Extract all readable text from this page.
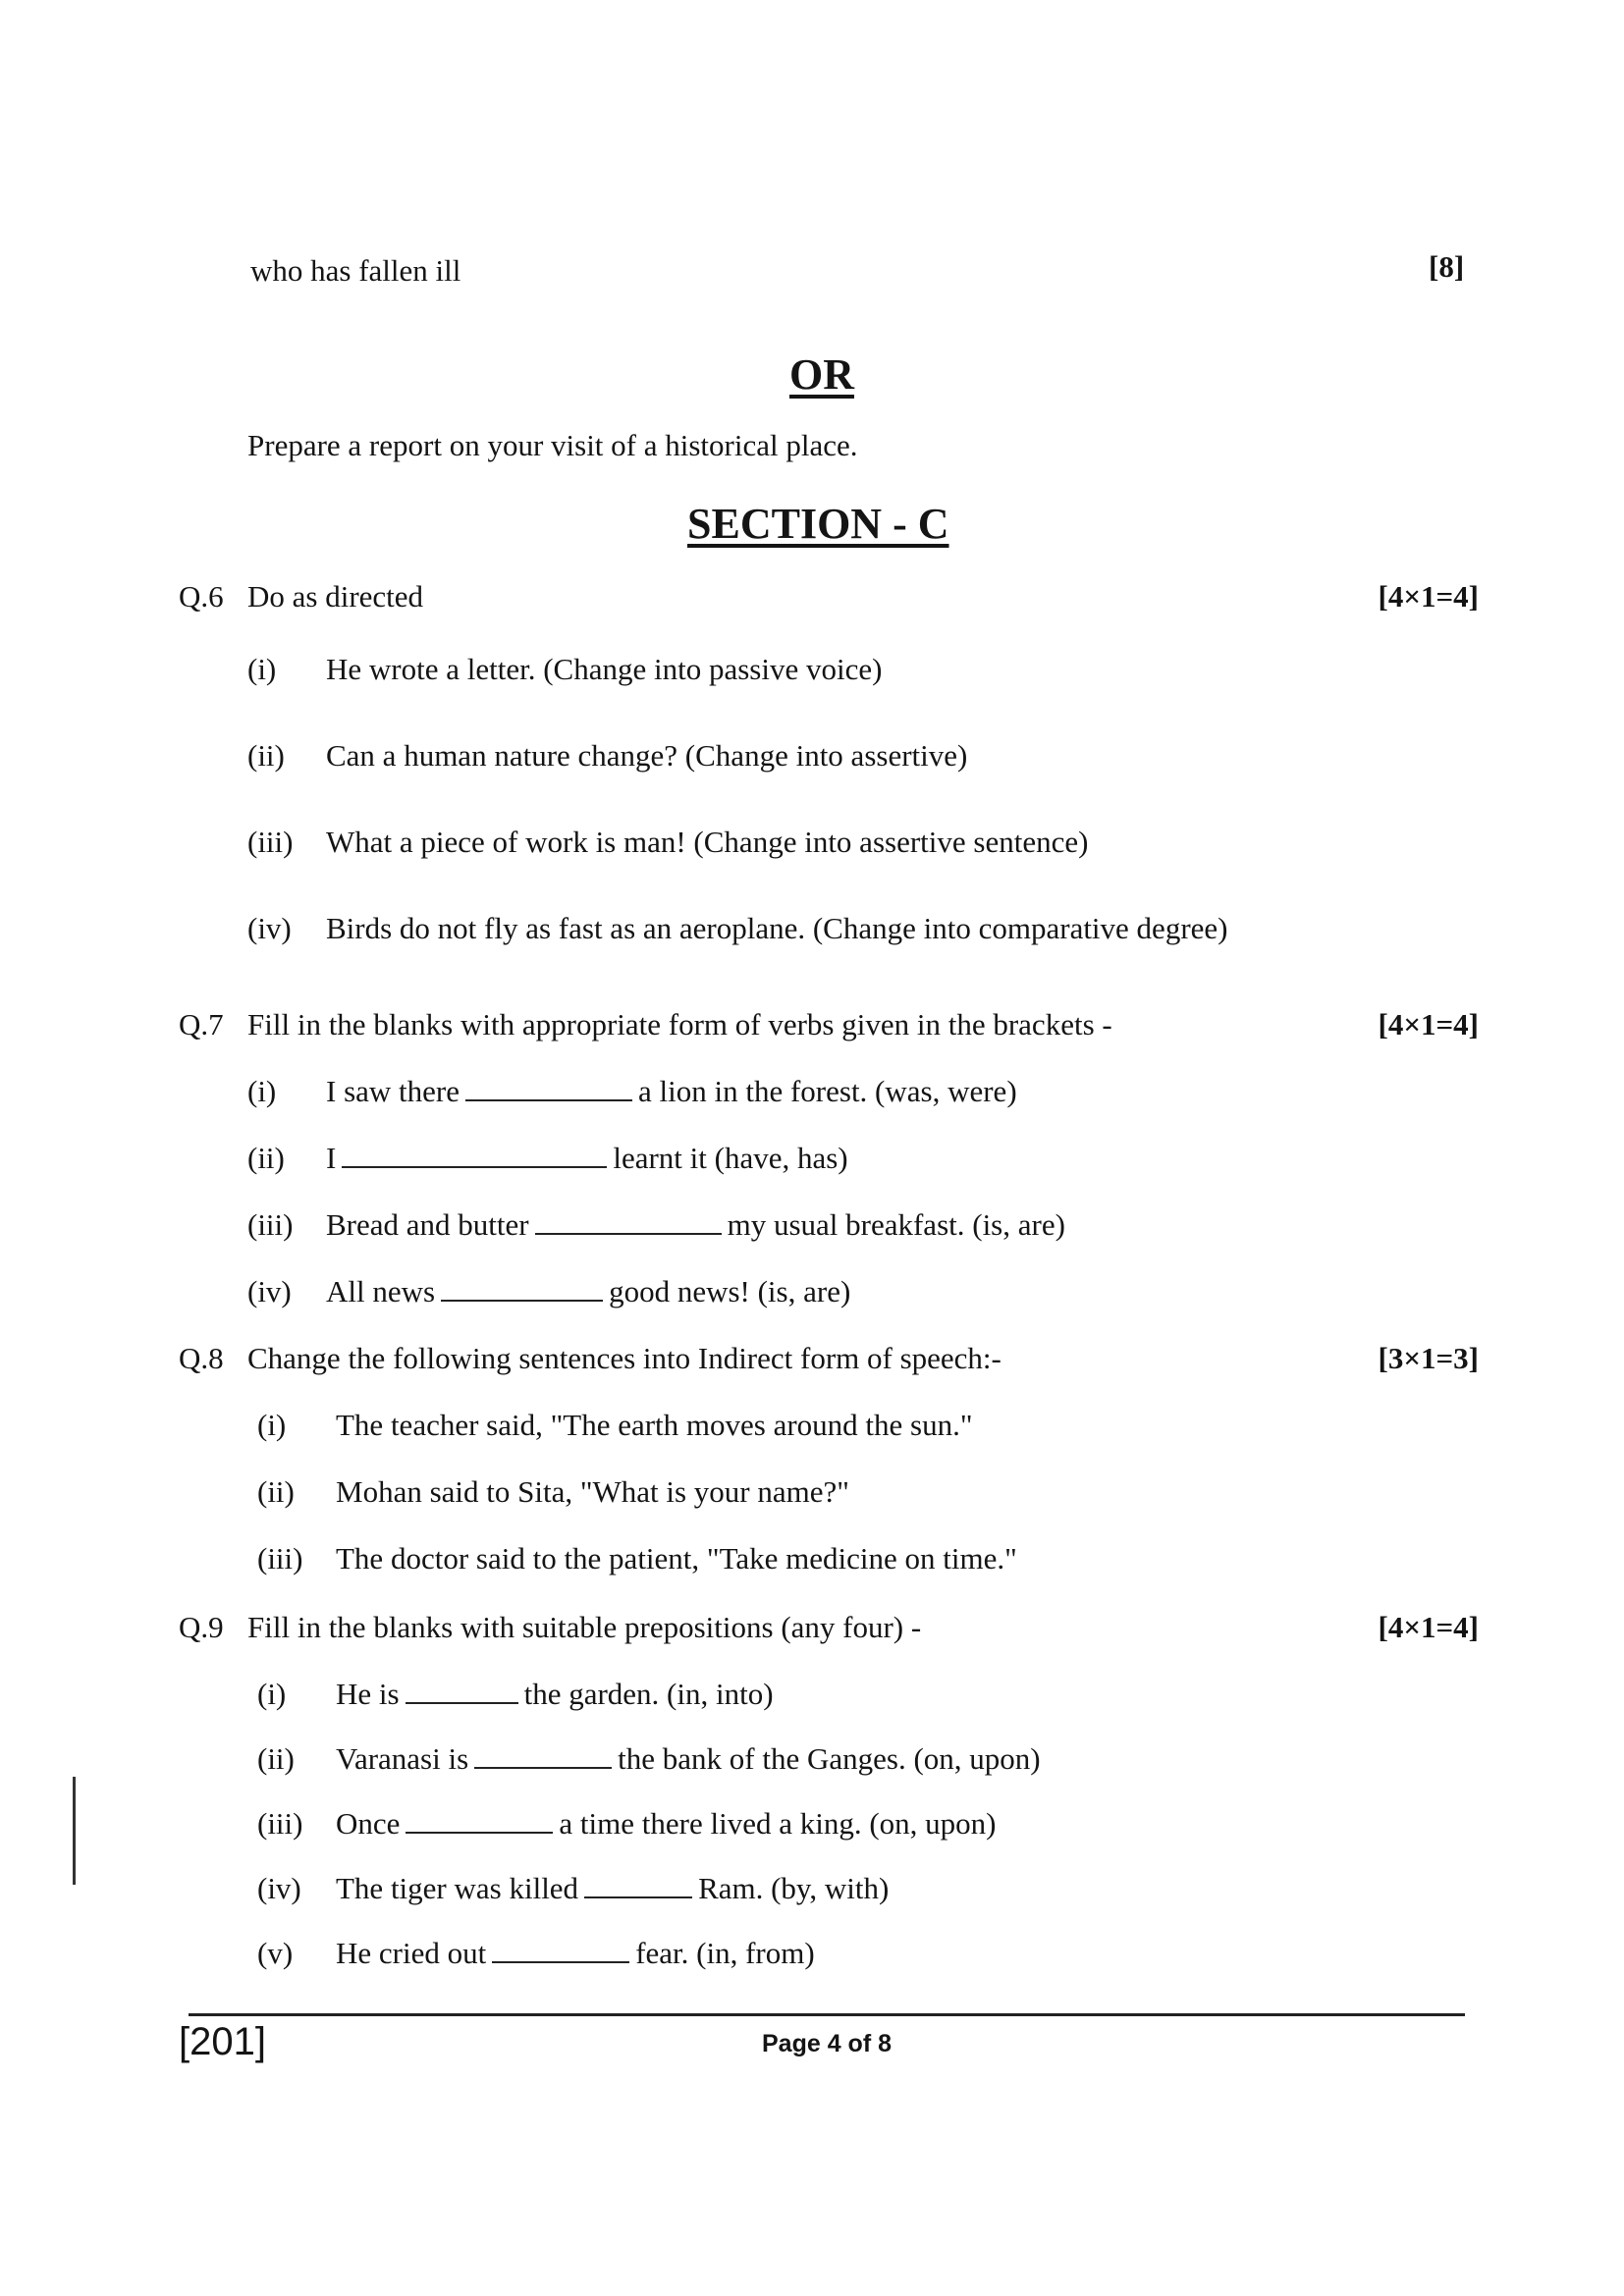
who has fallen ill	[8]
OR
Prepare a report on your visit of a historical place.
SECTION - C
Q.6 Do as directed	[4×1=4]
(i) He wrote a letter. (Change into passive voice)
(ii) Can a human nature change? (Change into assertive)
(iii) What a piece of work is man! (Change into assertive sentence)
(iv) Birds do not fly as fast as an aeroplane. (Change into comparative degree)
Q.7 Fill in the blanks with appropriate form of verbs given in the brackets -	[4×1=4]
(i) I saw there	a lion in the forest. (was, were)
(ii) I	learnt it (have, has)
(iii) Bread and butter	my usual breakfast. (is, are)
(iv) All news	good news! (is, are)
Q.8 Change the following sentences into Indirect form of speech:-	[3×1=3]
(i) The teacher said, "The earth moves around the sun."
(ii) Mohan said to Sita, "What is your name?"
(iii) The doctor said to the patient, "Take medicine on time."
Q.9 Fill in the blanks with suitable prepositions (any four) -	[4×1=4]
(i) He is	the garden. (in, into)
(ii) Varanasi is	the bank of the Ganges. (on, upon)
(iii) Once	a time there lived a king. (on, upon)
(iv) The tiger was killed	Ram. (by, with)
(v) He cried out	fear. (in, from)
[201]	Page 4 of 8
